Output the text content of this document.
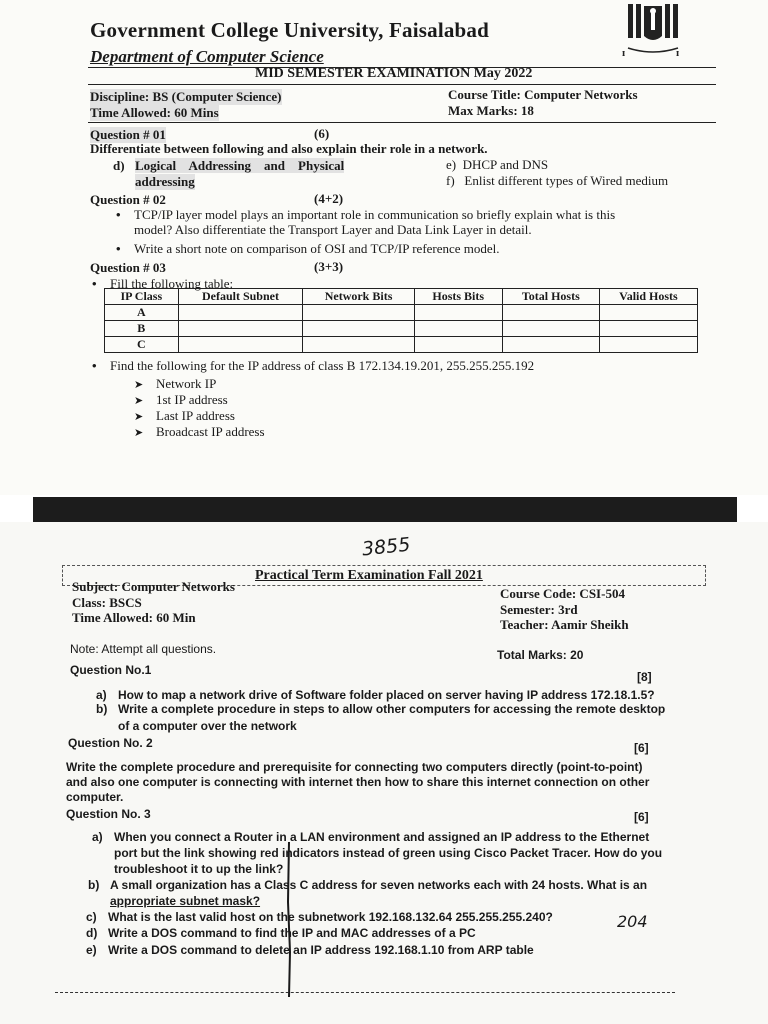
Government College University, Faisalabad
Department of Computer Science	ɪ	ɪ
MID SEMESTER EXAMINATION May 2022
Discipline: BS (Computer Science)
Time Allowed: 60 Mins
Course Title: Computer Networks
Max Marks: 18
Question # 01	(6)
Differentiate between following and also explain their role in a network.
d) Logical    Addressing    and    Physical
addressing
e)  DHCP and DNS
f)   Enlist different types of Wired medium
Question # 02	(4+2)
• TCP/IP layer model plays an important role in communication so briefly explain what is this
model? Also differentiate the Transport Layer and Data Link Layer in detail.
• Write a short note on comparison of OSI and TCP/IP reference model.
Question # 03	(3+3)
• Fill the following table:
IP Class	Default Subnet	Network Bits	Hosts Bits	Total Hosts	Valid Hosts
A					
B					
C					
• Find the following for the IP address of class B 172.134.19.201, 255.255.255.192
➤ Network IP
➤ 1st IP address
➤ Last IP address
➤ Broadcast IP address
3855
Practical Term Examination Fall 2021
Subject: Computer Networks
Class: BSCS
Time Allowed: 60 Min
Course Code: CSI-504
Semester: 3rd
Teacher: Aamir Sheikh
Note: Attempt all questions.	Total Marks: 20
Question No.1	[8]
a) How to map a network drive of Software folder placed on server having IP address 172.18.1.5?
b) Write a complete procedure in steps to allow other computers for accessing the remote desktop
of a computer over the network
Question No. 2	[6]
Write the complete procedure and prerequisite for connecting two computers directly (point-to-point)
and also one computer is connecting with internet then how to share this internet connection on other
computer.
Question No. 3	[6]
a) When you connect a Router in a LAN environment and assigned an IP address to the Ethernet
port but the link showing red indicators instead of green using Cisco Packet Tracer. How do you
troubleshoot it to up the link?
b) A small organization has a Class C address for seven networks each with 24 hosts. What is an
appropriate subnet mask?
c) What is the last valid host on the subnetwork 192.168.132.64 255.255.255.240?
d) Write a DOS command to find the IP and MAC addresses of a PC
e) Write a DOS command to delete an IP address 192.168.1.10 from ARP table
204
